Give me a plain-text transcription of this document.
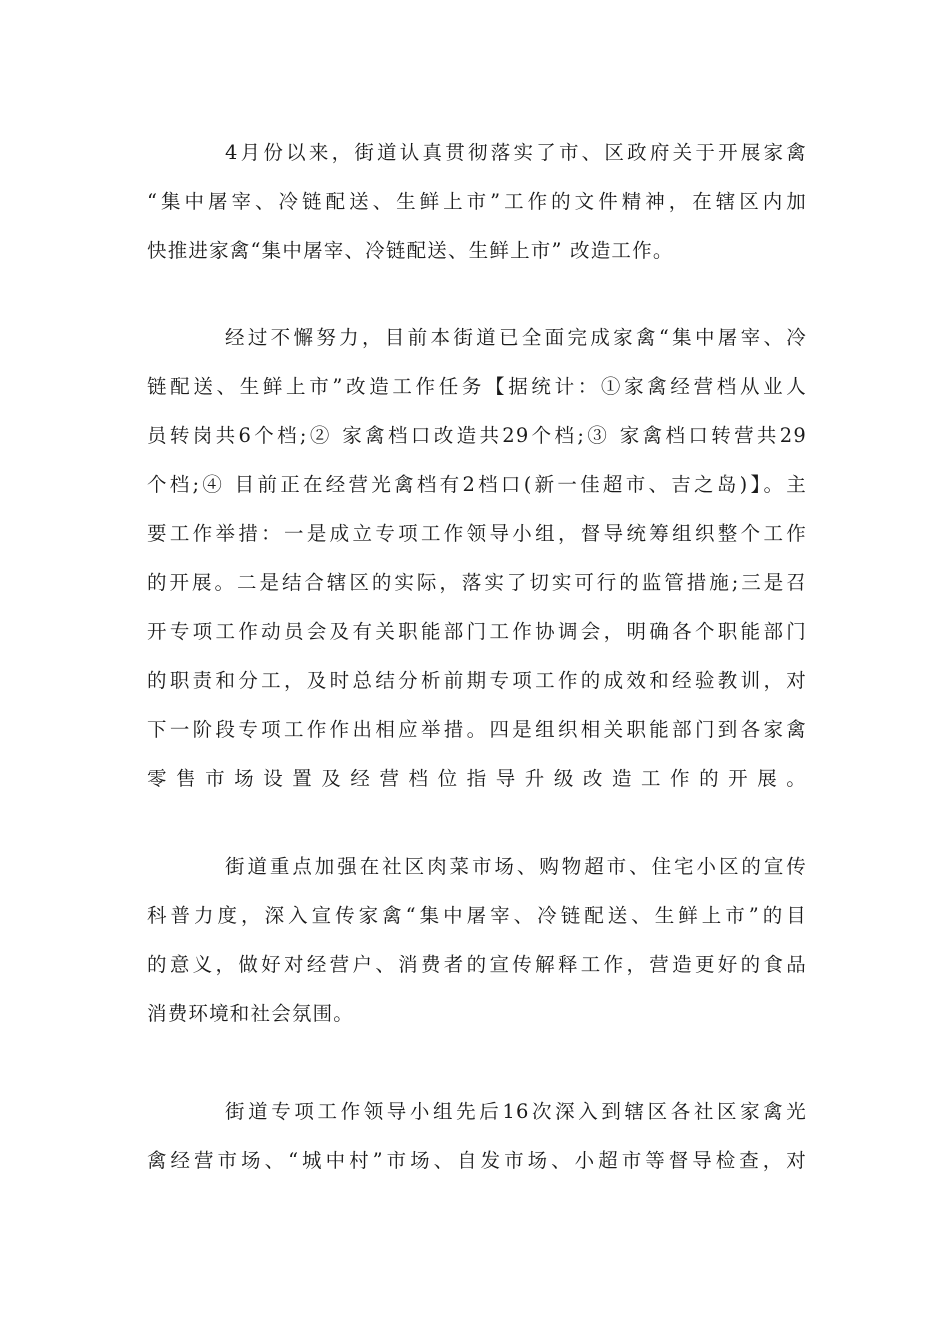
4月份以来，街道认真贯彻落实了市、区政府关于开展家禽
“集中屠宰、冷链配送、生鲜上市”工作的文件精神，在辖区内加
快推进家禽“集中屠宰、冷链配送、生鲜上市” 改造工作。
经过不懈努力，目前本街道已全面完成家禽“集中屠宰、冷
链配送、生鲜上市”改造工作任务【据统计：①家禽经营档从业人
员转岗共6个档;② 家禽档口改造共29个档;③ 家禽档口转营共29
个档;④ 目前正在经营光禽档有2档口(新一佳超市、吉之岛)】。主
要工作举措：一是成立专项工作领导小组，督导统筹组织整个工作
的开展。二是结合辖区的实际，落实了切实可行的监管措施;三是召
开专项工作动员会及有关职能部门工作协调会，明确各个职能部门
的职责和分工，及时总结分析前期专项工作的成效和经验教训，对
下一阶段专项工作作出相应举措。四是组织相关职能部门到各家禽
零售市场设置及经营档位指导升级改造工作的开展。
街道重点加强在社区肉菜市场、购物超市、住宅小区的宣传
科普力度，深入宣传家禽“集中屠宰、冷链配送、生鲜上市”的目
的意义，做好对经营户、消费者的宣传解释工作，营造更好的食品
消费环境和社会氛围。
街道专项工作领导小组先后16次深入到辖区各社区家禽光
禽经营市场、“城中村”市场、自发市场、小超市等督导检查，对
